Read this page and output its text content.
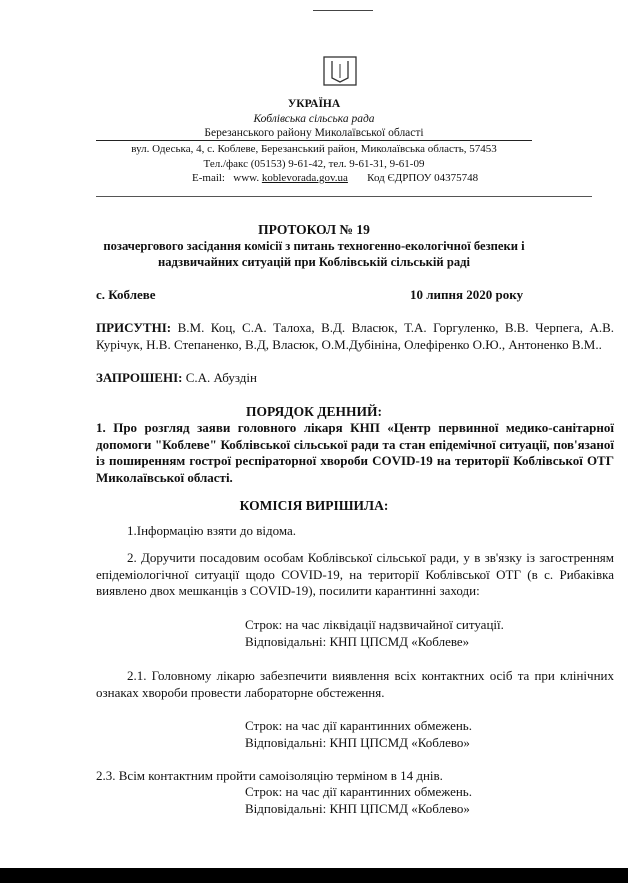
УКРАЇНА
Коблівська сільська рада
Березанського району Миколаївської області
вул. Одеська, 4, с. Коблеве, Березанський район, Миколаївська область, 57453
Тел./факс (05153) 9-61-42, тел. 9-61-31, 9-61-09
E-mail: www. koblevorada.gov.ua Код ЄДРПОУ 04375748
ПРОТОКОЛ № 19
позачергового засідання комісії з питань техногенно-екологічної безпеки і
надзвичайних ситуацій при Коблівській сільській раді
с. Коблеве	10 липня 2020 року
ПРИСУТНІ: В.М. Коц, С.А. Талоха, В.Д. Власюк, Т.А. Горгуленко, В.В. Черпега, А.В. Курічук, Н.В. Степаненко, В.Д, Власюк, О.М.Дубініна, Олефіренко О.Ю., Антоненко В.М..
ЗАПРОШЕНІ: С.А. Абуздін
ПОРЯДОК ДЕННИЙ:
1. Про розгляд заяви головного лікаря КНП «Центр первинної медико-санітарної допомоги "Коблеве" Коблівської сільської ради та стан епідемічної ситуації, пов'язаної із поширенням гострої респіраторної хвороби COVID-19 на території Коблівської ОТГ Миколаївської області.
КОМІСІЯ ВИРІШИЛА:
1.Інформацію взяти до відома.
2. Доручити посадовим особам Коблівської сільської ради, у в зв'язку із загостренням епідеміологічної ситуації щодо COVID-19, на території Коблівської ОТГ (в с. Рибаківка виявлено двох мешканців з COVID-19), посилити карантинні заходи:
Строк: на час ліквідації надзвичайної ситуації.
Відповідальні: КНП ЦПСМД «Коблеве»
2.1. Головному лікарю забезпечити виявлення всіх контактних осіб та при клінічних ознаках хвороби провести лабораторне обстеження.
Строк: на час дії карантинних обмежень.
Відповідальні: КНП ЦПСМД «Коблево»
2.3. Всім контактним пройти самоізоляцію терміном в 14 днів.
Строк: на час дії карантинних обмежень.
Відповідальні: КНП ЦПСМД «Коблево»
